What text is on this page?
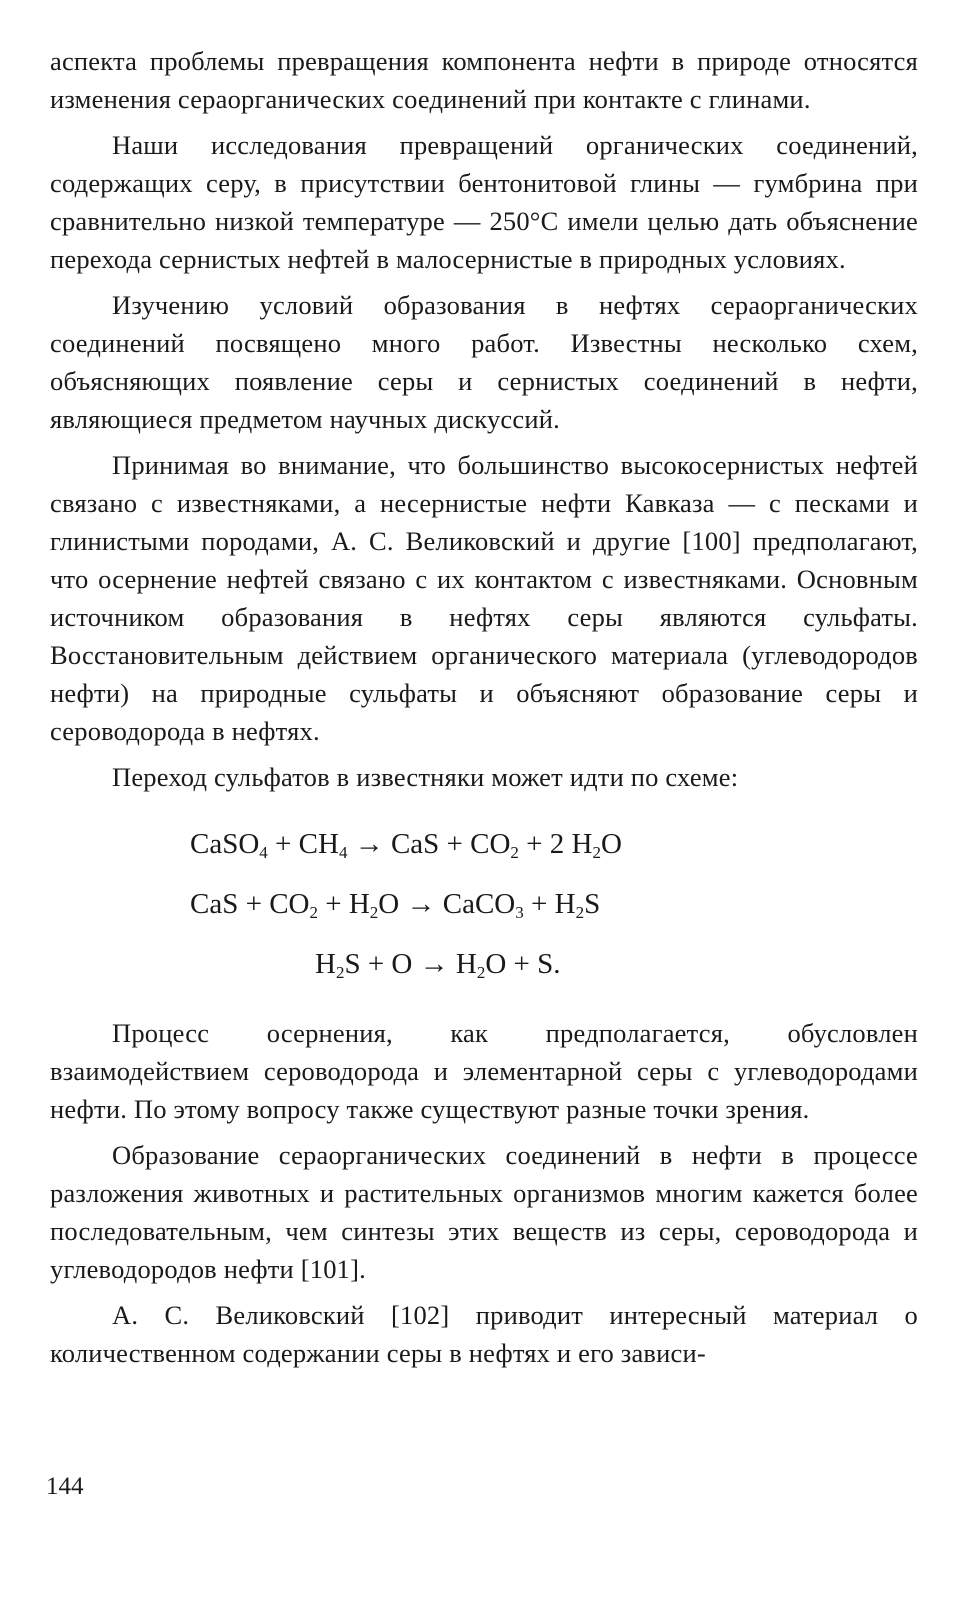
аспекта проблемы превращения компонента нефти в природе относятся изменения сераорганических соединений при контакте с глинами.

Наши исследования превращений органических соединений, содержащих серу, в присутствии бентонитовой глины — гумбрина при сравнительно низкой температуре — 250°С имели целью дать объяснение перехода сернистых нефтей в малосернистые в природных условиях.

Изучению условий образования в нефтях сераорганических соединений посвящено много работ. Известны несколько схем, объясняющих появление серы и сернистых соединений в нефти, являющиеся предметом научных дискуссий.

Принимая во внимание, что большинство высокосернистых нефтей связано с известняками, а несернистые нефти Кавказа — с песками и глинистыми породами, А. С. Великовский и другие [100] предполагают, что осернение нефтей связано с их контактом с известняками. Основным источником образования в нефтях серы являются сульфаты. Восстановительным действием органического материала (углеводородов нефти) на природные сульфаты и объясняют образование серы и сероводорода в нефтях.

Переход сульфатов в известняки может идти по схеме:

CaSO$_4$ + $CH_4$ → CaS + $CO_2 + 2$ $H_2O$
CaS + $CO_2 + H_2O$ → CaCO$_3$ + $H_2S$
$H_2S + O \to H_2O + S$.

Процесс осернения, как предполагается, обусловлен взаимодействием сероводорода и элементарной серы с углеводородами нефти. По этому вопросу также существуют разные точки зрения.

Образование сераорганических соединений в нефти в процессе разложения животных и растительных организмов многим кажется более последовательным, чем синтезы этих веществ из серы, сероводорода и углеводородов нефти [101].

А. С. Великовский [102] приводит интересный материал о количественном содержании серы в нефтях и его зависи-

144
